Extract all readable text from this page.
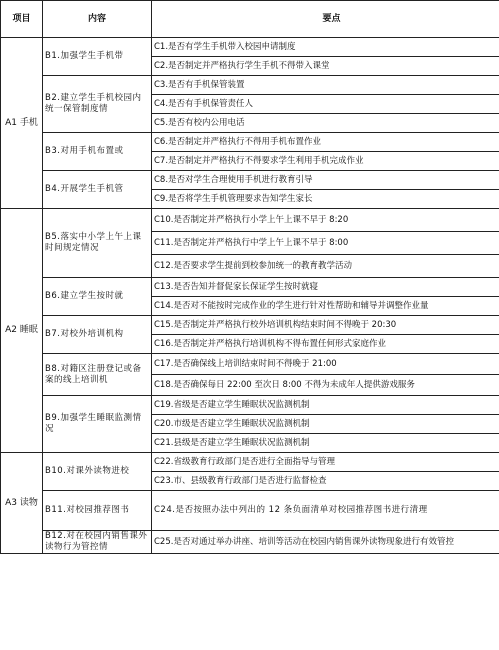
项目	内容	要点
A1 手机	B1.加强学生手机带	C1.是否有学生手机带入校园申请制度
		C2.是否制定并严格执行学生手机不得带入课堂
	B2.建立学生手机校园内统一保管制度情	C3.是否有手机保管装置
		C4.是否有手机保管责任人
		C5.是否有校内公用电话
	B3.对用手机布置或	C6.是否制定并严格执行不得用手机布置作业
		C7.是否制定并严格执行不得要求学生利用手机完成作业
	B4.开展学生手机管	C8.是否对学生合理使用手机进行教育引导
		C9.是否将学生手机管理要求告知学生家长
A2 睡眠	B5.落实中小学上午上课时间规定情况	C10.是否制定并严格执行小学上午上课不早于 8:20
		C11.是否制定并严格执行中学上午上课不早于 8:00
		C12.是否要求学生提前到校参加统一的教育教学活动
	B6.建立学生按时就	C13.是否告知并督促家长保证学生按时就寝
		C14.是否对不能按时完成作业的学生进行针对性帮助和辅导并调整作业量
	B7.对校外培训机构	C15.是否制定并严格执行校外培训机构结束时间不得晚于 20:30
		C16.是否制定并严格执行培训机构不得布置任何形式家庭作业
	B8.对籍区注册登记或备案的线上培训机	C17.是否确保线上培训结束时间不得晚于 21:00
		C18.是否确保每日 22:00 至次日 8:00 不得为未成年人提供游戏服务
	B9.加强学生睡眠监测情况	C19.省级是否建立学生睡眠状况监测机制
		C20.市级是否建立学生睡眠状况监测机制
		C21.县级是否建立学生睡眠状况监测机制
A3 读物	B10.对课外读物进校	C22.省级教育行政部门是否进行全面指导与管理
		C23.市、县级教育行政部门是否进行监督检查
	B11.对校园推荐图书	C24.是否按照办法中列出的 12 条负面清单对校园推荐图书进行清理
	B12.对在校园内销售课外读物行为管控情	C25.是否对通过举办讲座、培训等活动在校园内销售课外读物现象进行有效管控
